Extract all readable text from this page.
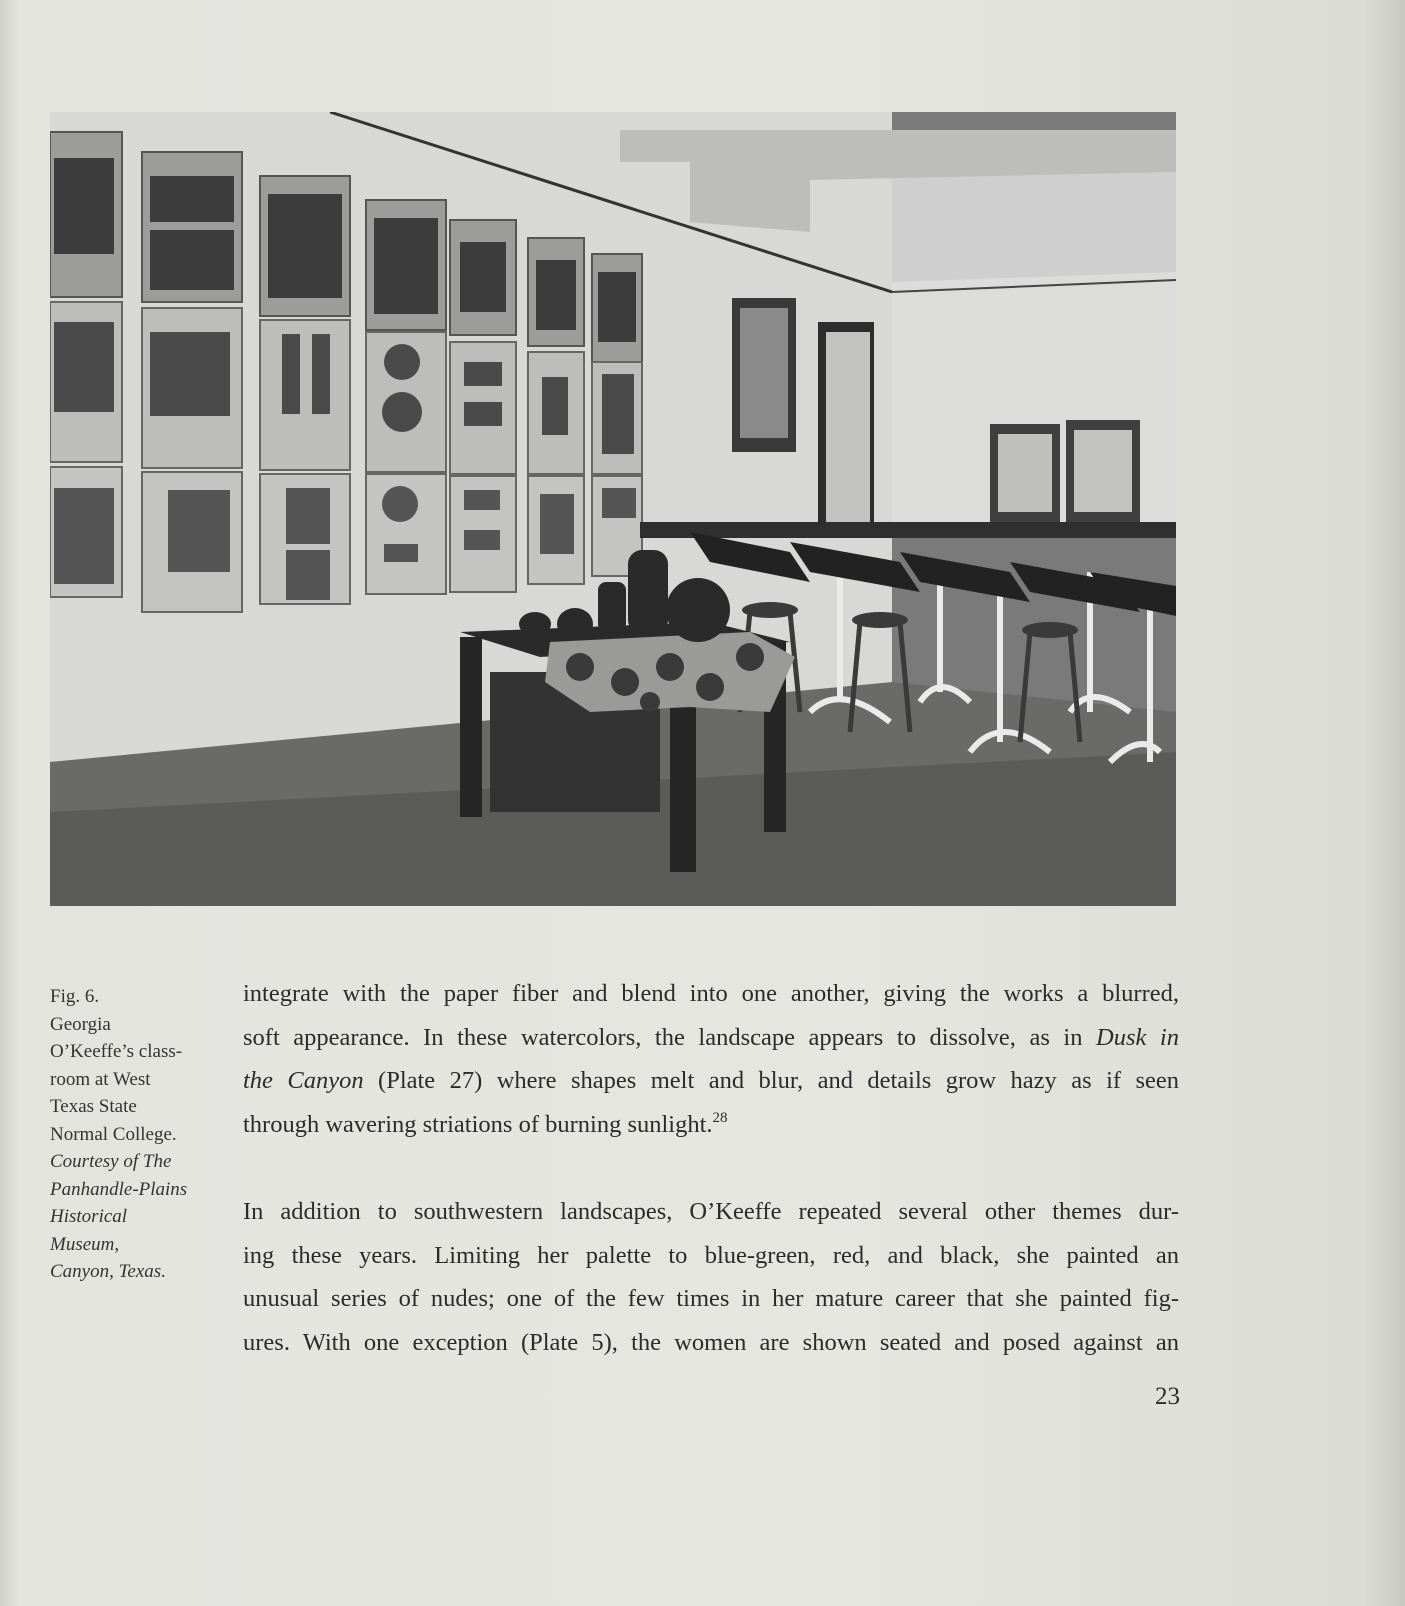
Fig. 6.
Georgia
O’Keeffe’s class-
room at West
Texas State
Normal College.
Courtesy of The
Panhandle-Plains
Historical
Museum,
Canyon, Texas.
integrate with the paper fiber and blend into one another, giving the works a blurred,
soft appearance. In these watercolors, the landscape appears to dissolve, as in Dusk in
the Canyon (Plate 27) where shapes melt and blur, and details grow hazy as if seen
through wavering striations of burning sunlight.$^{28}$
In addition to southwestern landscapes, O’Keeffe repeated several other themes dur-
ing these years. Limiting her palette to blue-green, red, and black, she painted an
unusual series of nudes; one of the few times in her mature career that she painted fig-
ures. With one exception (Plate 5), the women are shown seated and posed against an
23
